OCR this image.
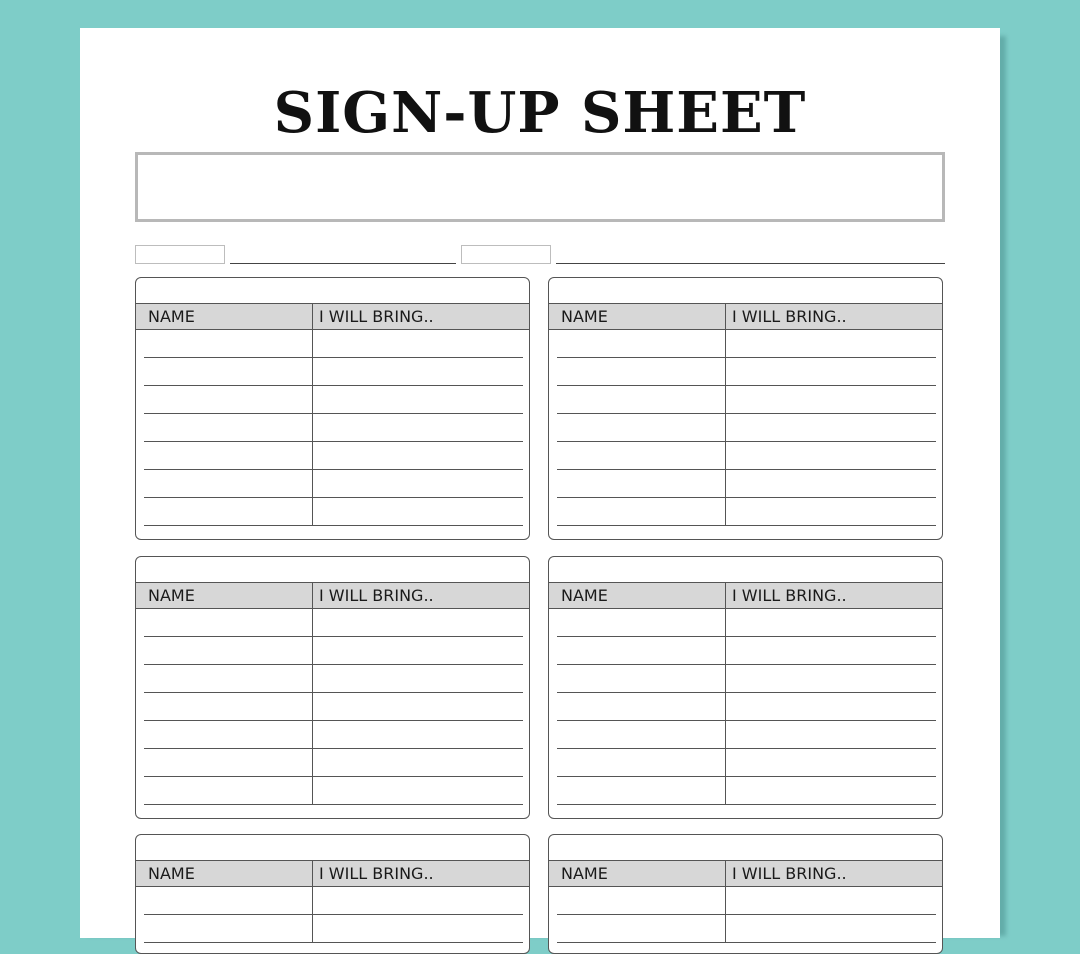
SIGN-UP SHEET
NAME	I WILL BRING..	NAME	I WILL BRING..
NAME	I WILL BRING..	NAME	I WILL BRING..
NAME	I WILL BRING..	NAME	I WILL BRING..
